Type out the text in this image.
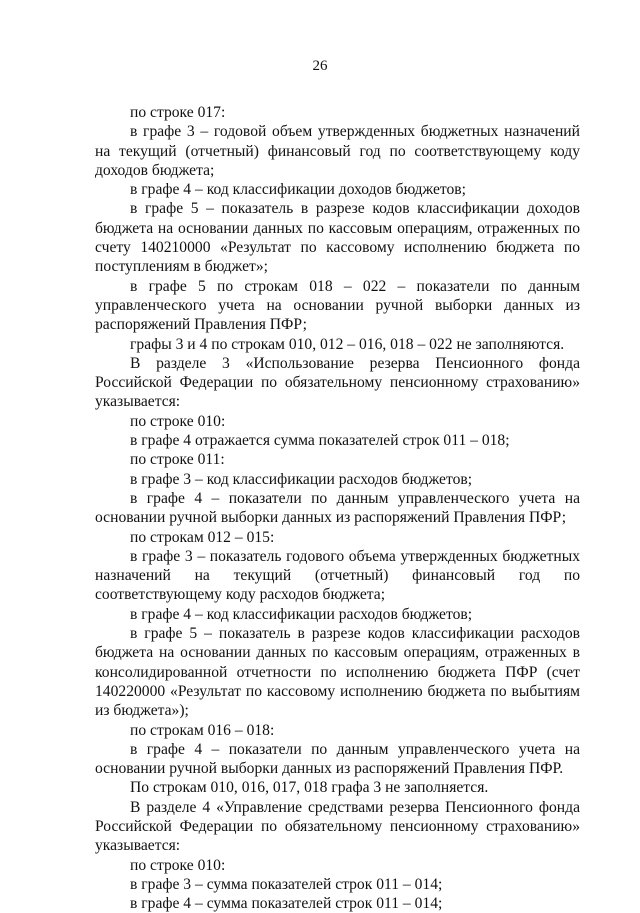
26

по строке 017:

в графе 3 – годовой объем утвержденных бюджетных назначений на текущий (отчетный) финансовый год по соответствующему коду доходов бюджета;

в графе 4 – код классификации доходов бюджетов;

в графе 5 – показатель в разрезе кодов классификации доходов бюджета на основании данных по кассовым операциям, отраженных по счету 140210000 «Результат по кассовому исполнению бюджета по поступлениям в бюджет»;

в графе 5 по строкам 018 – 022 – показатели по данным управленческого учета на основании ручной выборки данных из распоряжений Правления ПФР;

графы 3 и 4 по строкам 010, 012 – 016, 018 – 022 не заполняются.

В разделе 3 «Использование резерва Пенсионного фонда Российской Федерации по обязательному пенсионному страхованию» указывается:

по строке 010:

в графе 4 отражается сумма показателей строк 011 – 018;

по строке 011:

в графе 3 – код классификации расходов бюджетов;

в графе 4 – показатели по данным управленческого учета на основании ручной выборки данных из распоряжений Правления ПФР;

по строкам 012 – 015:

в графе 3 – показатель годового объема утвержденных бюджетных назначений на текущий (отчетный) финансовый год по соответствующему коду расходов бюджета;

в графе 4 – код классификации расходов бюджетов;

в графе 5 – показатель в разрезе кодов классификации расходов бюджета на основании данных по кассовым операциям, отраженных в консолидированной отчетности по исполнению бюджета ПФР (счет 140220000 «Результат по кассовому исполнению бюджета по выбытиям из бюджета»);

по строкам 016 – 018:

в графе 4 – показатели по данным управленческого учета на основании ручной выборки данных из распоряжений Правления ПФР.

По строкам 010, 016, 017, 018 графа 3 не заполняется.

В разделе 4 «Управление средствами резерва Пенсионного фонда Российской Федерации по обязательному пенсионному страхованию» указывается:

по строке 010:

в графе 3 – сумма показателей строк 011 – 014;

в графе 4 – сумма показателей строк 011 – 014;
